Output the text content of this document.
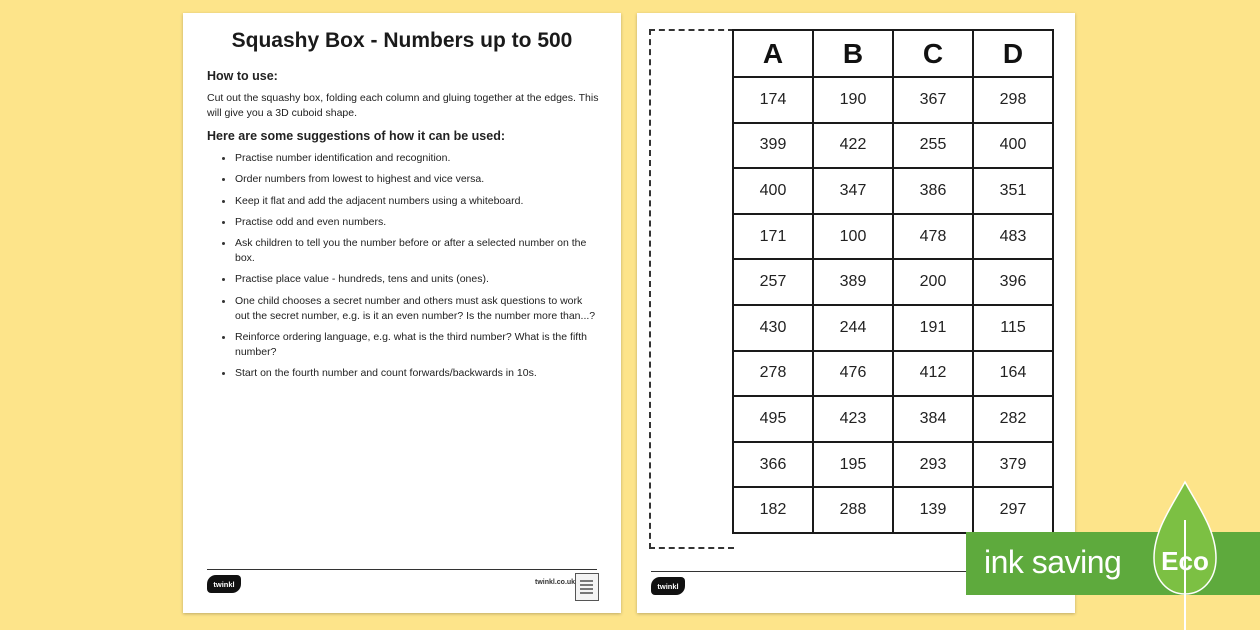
Squashy Box - Numbers up to 500
How to use:

Cut out the squashy box, folding each column and gluing together at the edges. This will give you a 3D cuboid shape.

Here are some suggestions of how it can be used:
Practise number identification and recognition.
Order numbers from lowest to highest and vice versa.
Keep it flat and add the adjacent numbers using a whiteboard.
Practise odd and even numbers.
Ask children to tell you the number before or after a selected number on the box.
Practise place value - hundreds, tens and units (ones).
One child chooses a secret number and others must ask questions to work out the secret number, e.g. is it an even number? Is the number more than...?
Reinforce ordering language, e.g. what is the third number? What is the fifth number?
Start on the fourth number and count forwards/backwards in 10s.
twinkl	twinkl.co.uk
A	B	C	D
174	190	367	298
399	422	255	400
400	347	386	351
171	100	478	483
257	389	200	396
430	244	191	115
278	476	412	164
495	423	384	282
366	195	293	379
182	288	139	297
twinkl
ink saving Eco
